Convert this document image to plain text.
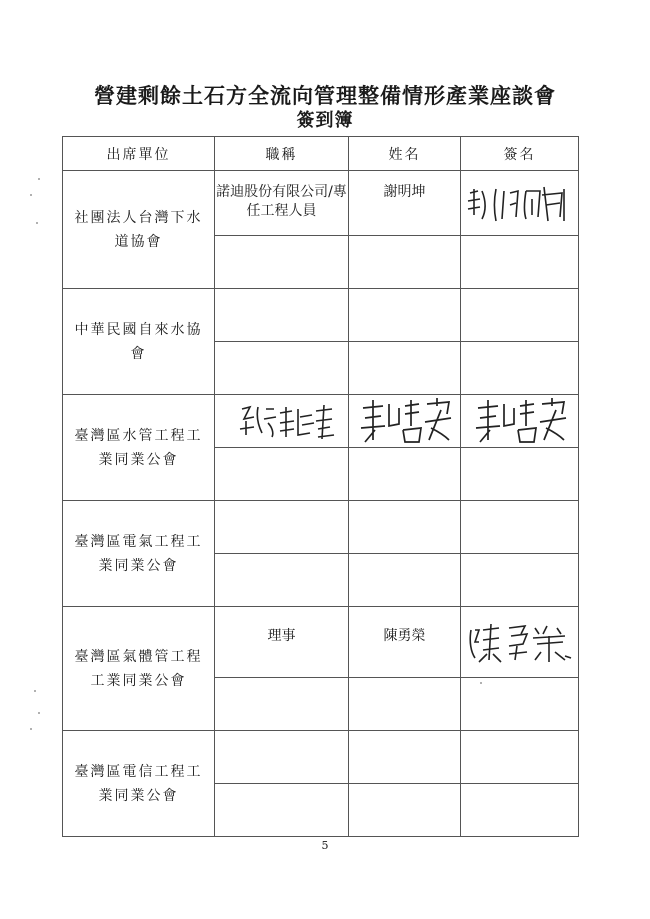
營建剩餘土石方全流向管理整備情形產業座談會
簽到簿
出席單位	職稱	姓名	簽名
社團法人台灣下水道協會	諾迪股份有限公司/專任工程人員	謝明坤	

中華民國自來水協會			

臺灣區水管工程工業同業公會	

臺灣區電氣工程工業同業公會			

臺灣區氣體管工程工業同業公會	理事	陳勇榮	

臺灣區電信工程工業同業公會			

5
